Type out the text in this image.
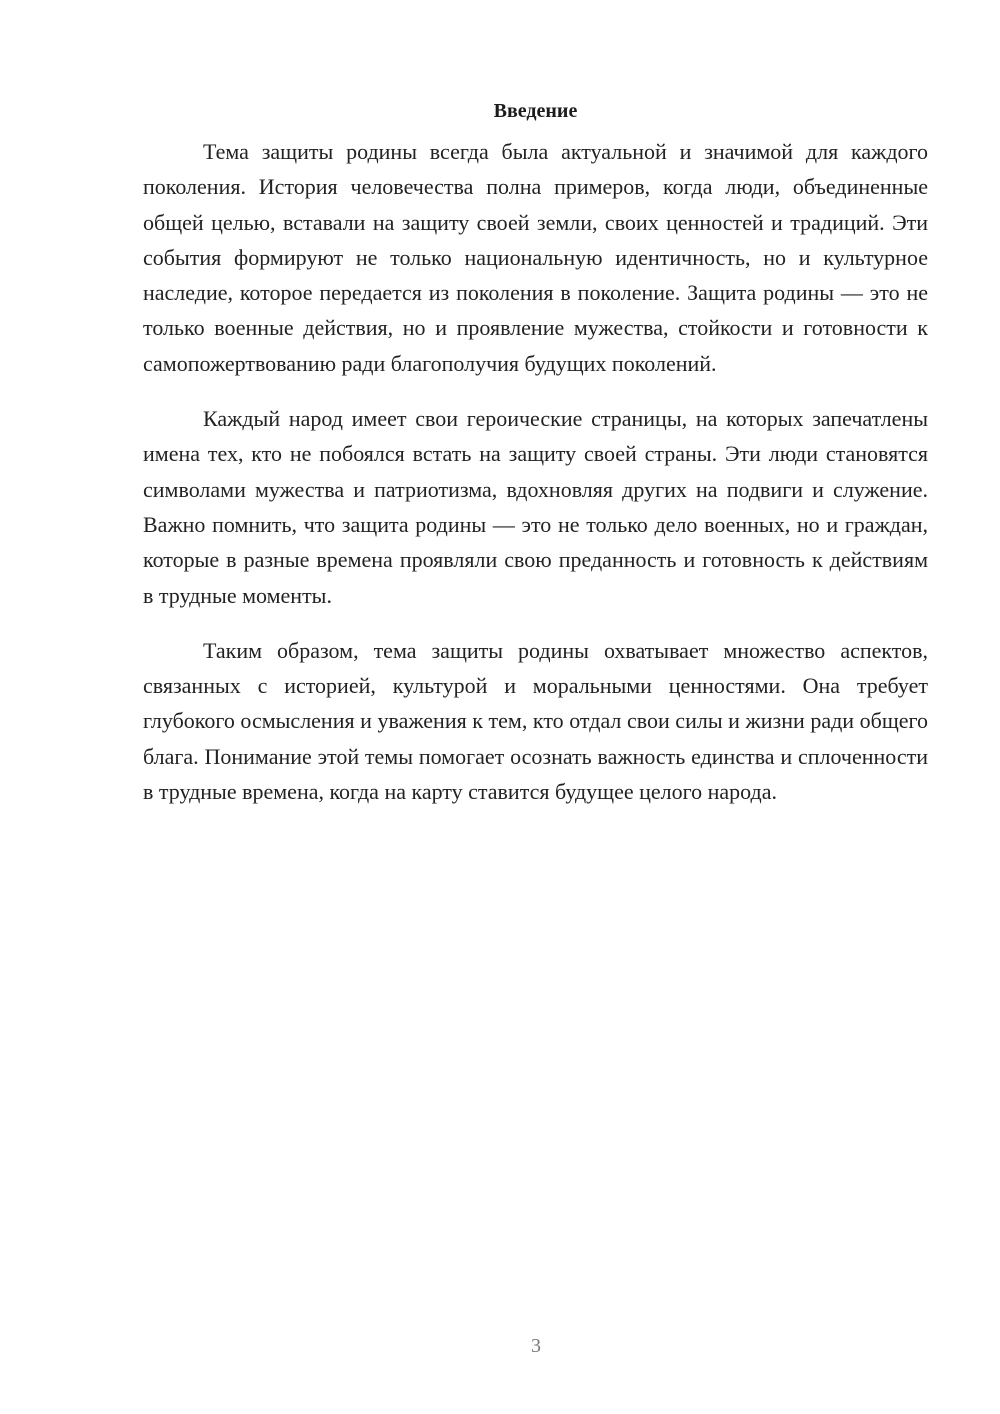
Введение

Тема защиты родины всегда была актуальной и значимой для каждого поколения. История человечества полна примеров, когда люди, объединенные общей целью, вставали на защиту своей земли, своих ценностей и традиций. Эти события формируют не только национальную идентичность, но и культурное наследие, которое передается из поколения в поколение. Защита родины — это не только военные действия, но и проявление мужества, стойкости и готовности к самопожертвованию ради благополучия будущих поколений.

Каждый народ имеет свои героические страницы, на которых запечатлены имена тех, кто не побоялся встать на защиту своей страны. Эти люди становятся символами мужества и патриотизма, вдохновляя других на подвиги и служение. Важно помнить, что защита родины — это не только дело военных, но и граждан, которые в разные времена проявляли свою преданность и готовность к действиям в трудные моменты.

Таким образом, тема защиты родины охватывает множество аспектов, связанных с историей, культурой и моральными ценностями. Она требует глубокого осмысления и уважения к тем, кто отдал свои силы и жизни ради общего блага. Понимание этой темы помогает осознать важность единства и сплоченности в трудные времена, когда на карту ставится будущее целого народа.

3
